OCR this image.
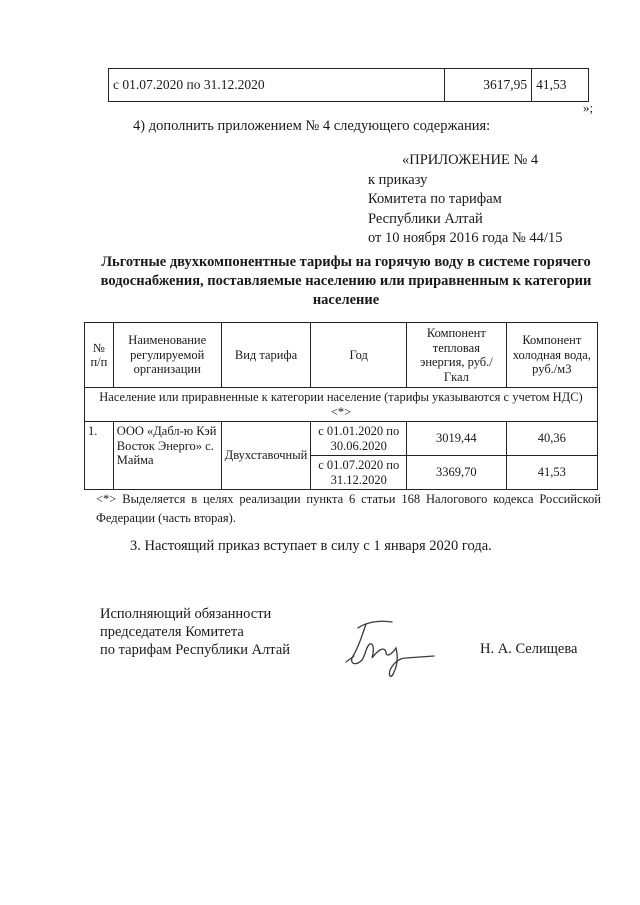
с 01.07.2020 по 31.12.2020	3617,95	41,53
»;
4) дополнить приложением № 4 следующего содержания:
«ПРИЛОЖЕНИЕ № 4
к приказу
Комитета по тарифам
Республики Алтай
от 10 ноября 2016 года № 44/15
Льготные двухкомпонентные тарифы на горячую воду в системе горячего водоснабжения, поставляемые населению или приравненным к категории население
№ п/п	Наименование регулируемой организации	Вид тарифа	Год	Компонент тепловая энергия, руб./Гкал	Компонент холодная вода, руб./м3
Население или приравненные к категории население (тарифы указываются с учетом НДС) <*>					
1.	ООО «Дабл-ю Кэй Восток Энерго» с. Майма	Двухставочный	с 01.01.2020 по 30.06.2020	3019,44	40,36
			с 01.07.2020 по 31.12.2020	3369,70	41,53
<*> Выделяется в целях реализации пункта 6 статьи 168 Налогового кодекса Российской Федерации (часть вторая).
3. Настоящий приказ вступает в силу с 1 января 2020 года.
Исполняющий обязанности
председателя Комитета
по тарифам Республики Алтай	Н. А. Селищева
